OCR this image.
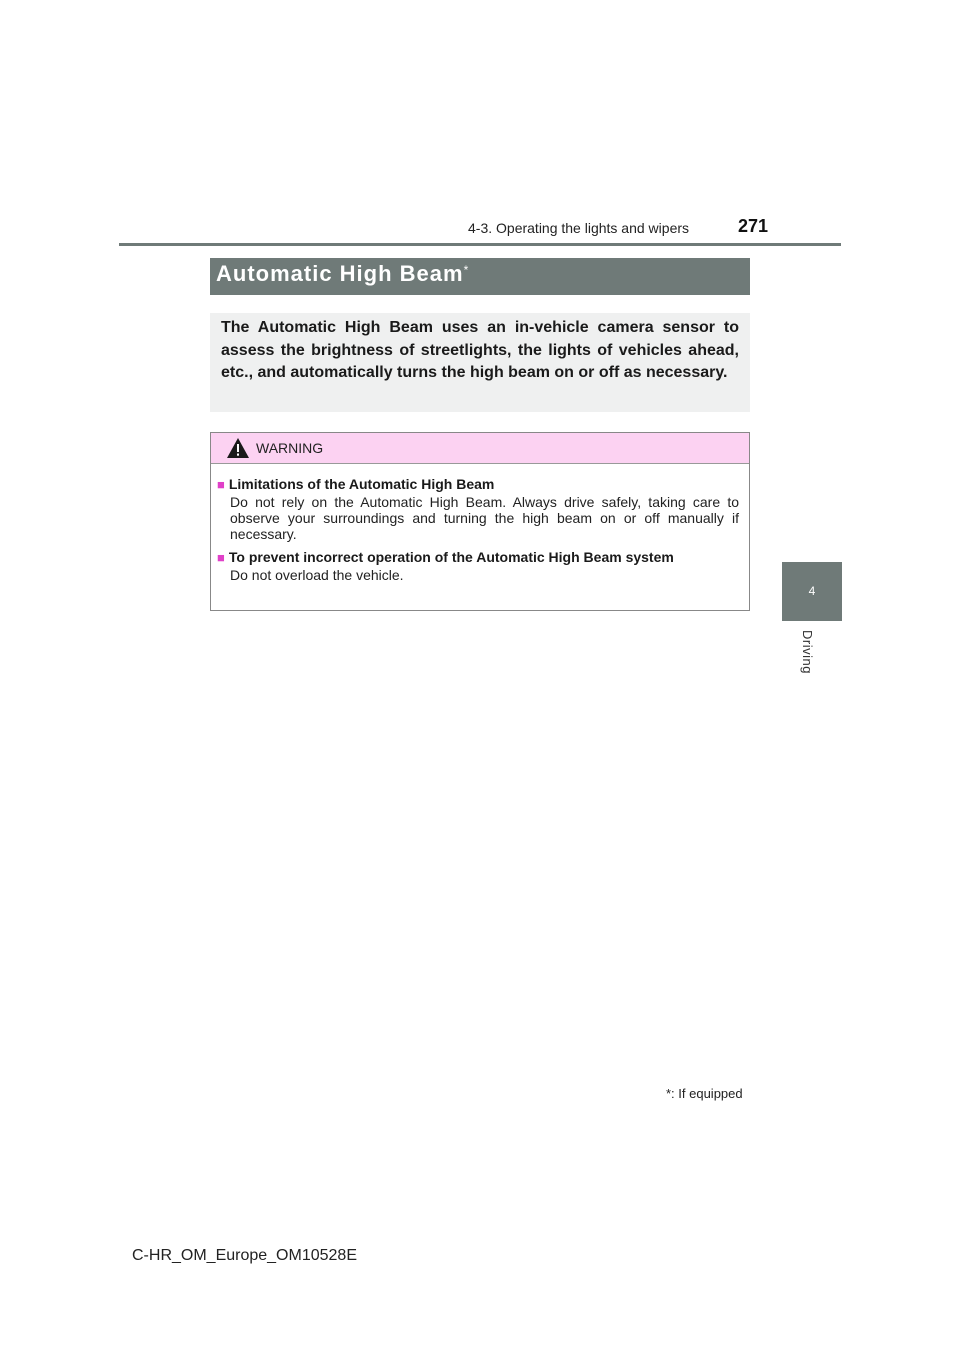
4-3. Operating the lights and wipers	271
4
Driving
Automatic High Beam*
The Automatic High Beam uses an in-vehicle camera sensor to assess the brightness of streetlights, the lights of vehicles ahead, etc., and automatically turns the high beam on or off as necessary.
WARNING
■ Limitations of the Automatic High Beam
Do not rely on the Automatic High Beam. Always drive safely, taking care to observe your surroundings and turning the high beam on or off manually if necessary.
■ To prevent incorrect operation of the Automatic High Beam system
Do not overload the vehicle.
*: If equipped
C-HR_OM_Europe_OM10528E
